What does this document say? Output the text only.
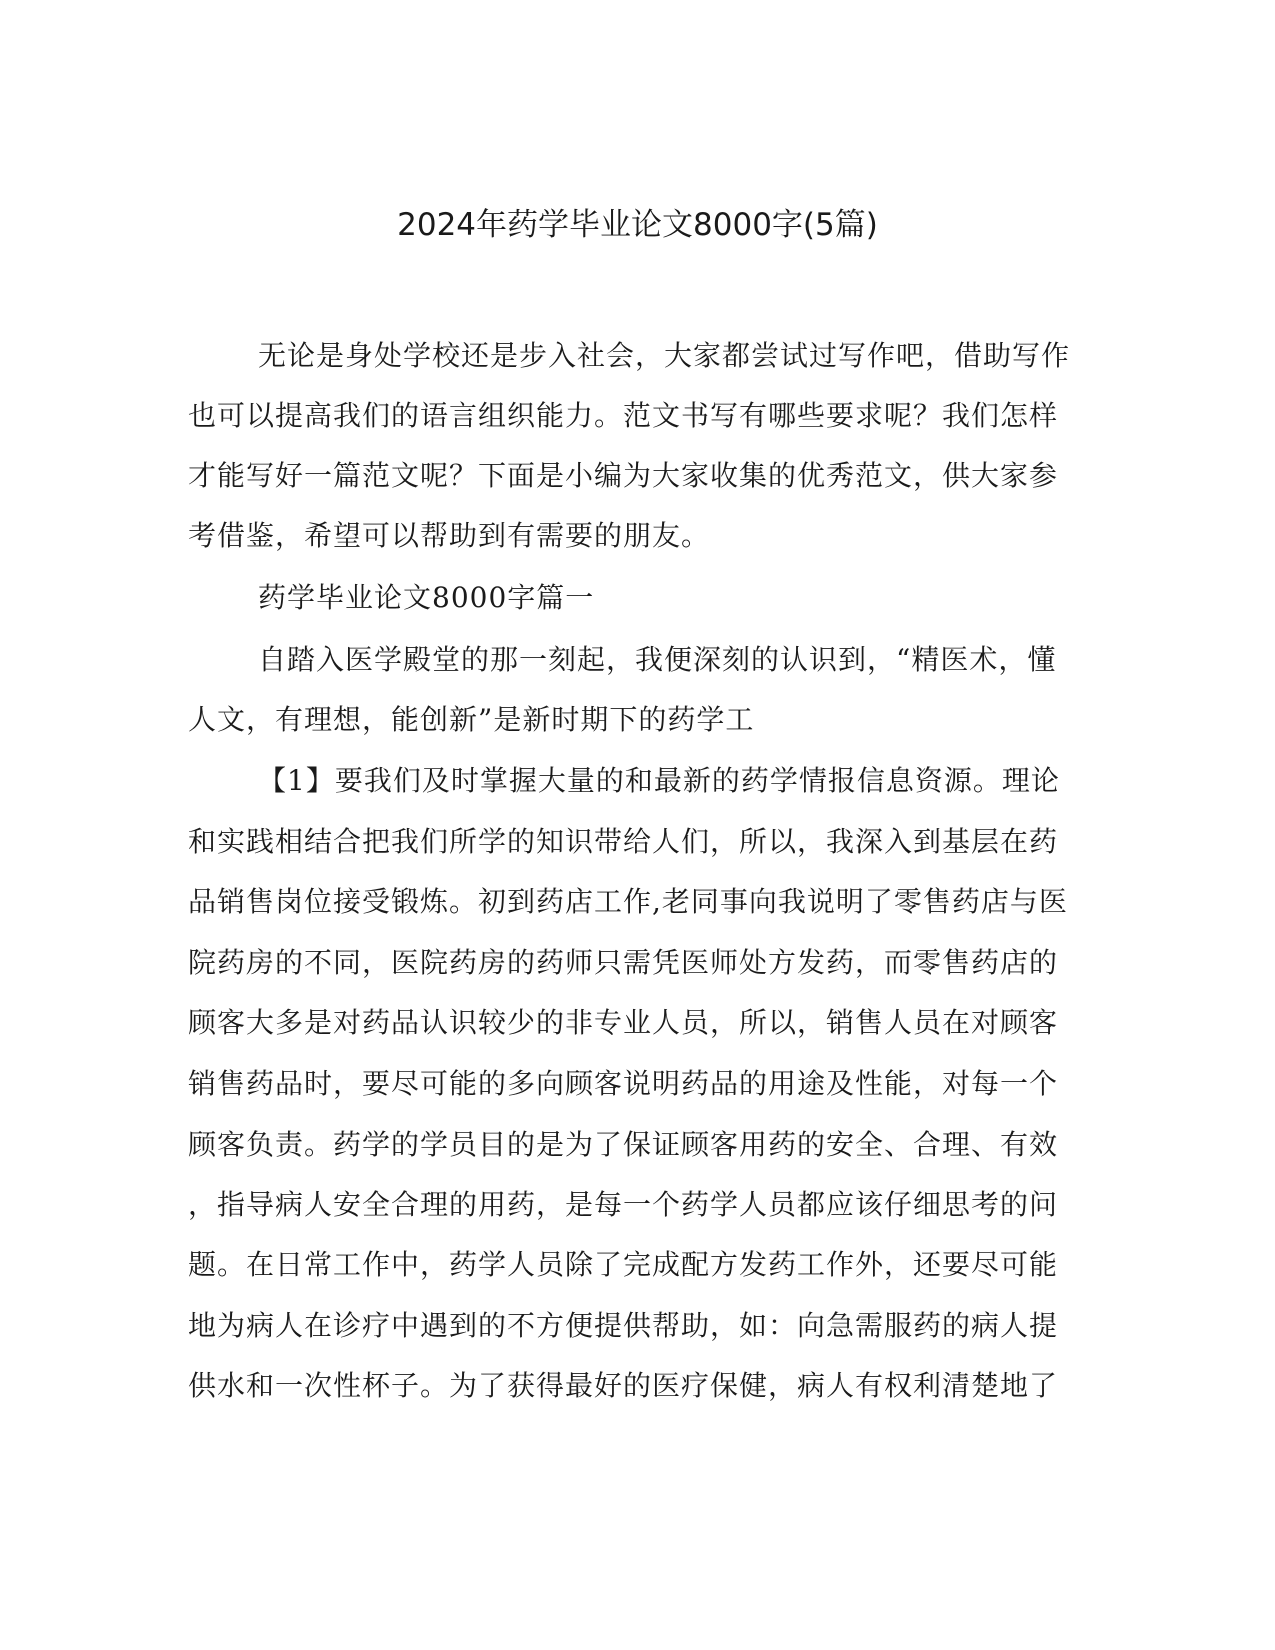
2024年药学毕业论文8000字(5篇)
无论是身处学校还是步入社会，大家都尝试过写作吧，借助写作
也可以提高我们的语言组织能力。范文书写有哪些要求呢？我们怎样
才能写好一篇范文呢？下面是小编为大家收集的优秀范文，供大家参
考借鉴，希望可以帮助到有需要的朋友。
药学毕业论文8000字篇一
自踏入医学殿堂的那一刻起，我便深刻的认识到，“精医术，懂
人文，有理想，能创新”是新时期下的药学工
【1】要我们及时掌握大量的和最新的药学情报信息资源。理论
和实践相结合把我们所学的知识带给人们，所以，我深入到基层在药
品销售岗位接受锻炼。初到药店工作,老同事向我说明了零售药店与医
院药房的不同，医院药房的药师只需凭医师处方发药，而零售药店的
顾客大多是对药品认识较少的非专业人员，所以，销售人员在对顾客
销售药品时，要尽可能的多向顾客说明药品的用途及性能，对每一个
顾客负责。药学的学员目的是为了保证顾客用药的安全、合理、有效
，指导病人安全合理的用药，是每一个药学人员都应该仔细思考的问
题。在日常工作中，药学人员除了完成配方发药工作外，还要尽可能
地为病人在诊疗中遇到的不方便提供帮助，如：向急需服药的病人提
供水和一次性杯子。为了获得最好的医疗保健，病人有权利清楚地了
